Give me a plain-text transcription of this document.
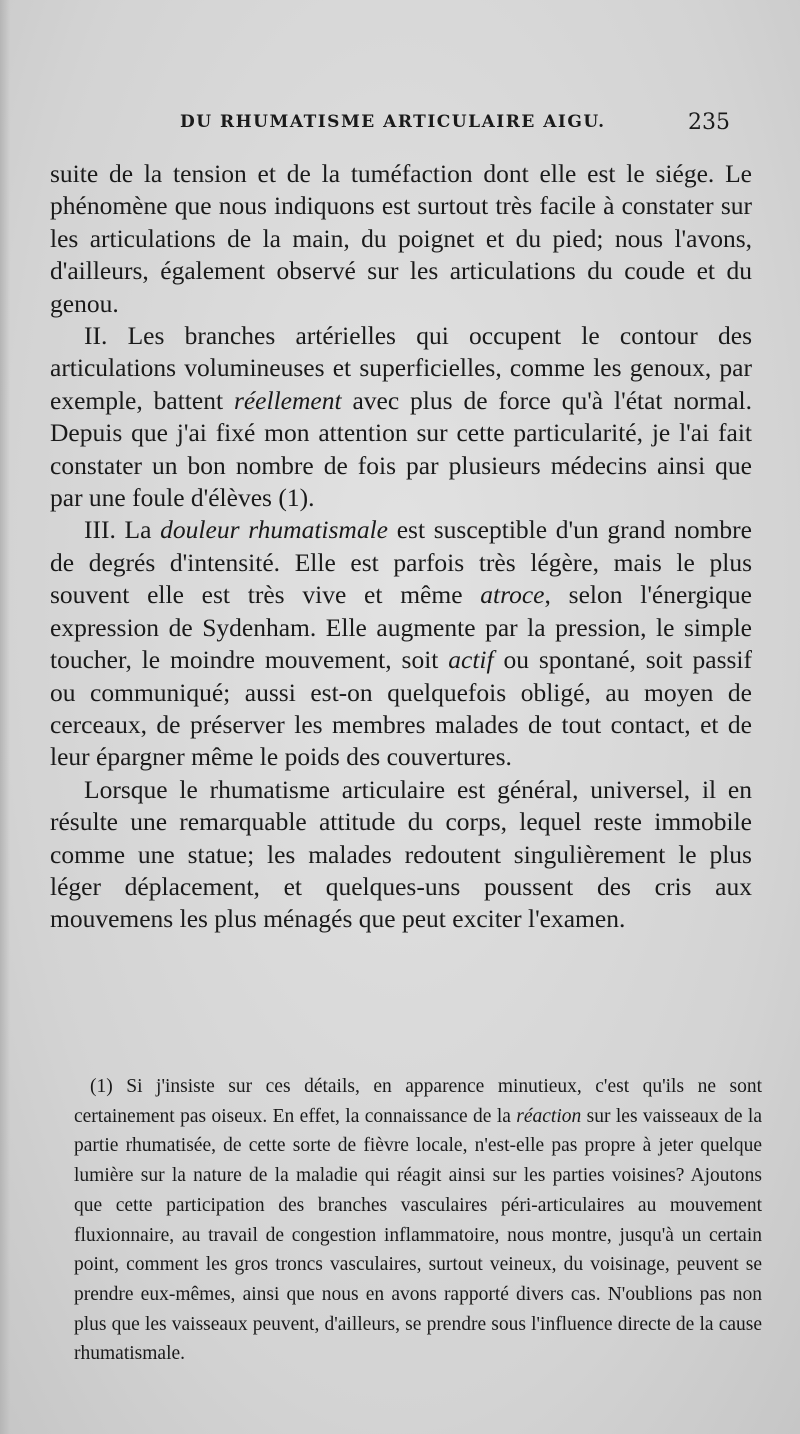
DU RHUMATISME ARTICULAIRE AIGU.	235

suite de la tension et de la tuméfaction dont elle est le siége. Le phénomène que nous indiquons est surtout très facile à constater sur les articulations de la main, du poignet et du pied; nous l'avons, d'ailleurs, également observé sur les articulations du coude et du genou.

II. Les branches artérielles qui occupent le contour des articulations volumineuses et superficielles, comme les genoux, par exemple, battent réellement avec plus de force qu'à l'état normal. Depuis que j'ai fixé mon attention sur cette particularité, je l'ai fait constater un bon nombre de fois par plusieurs médecins ainsi que par une foule d'élèves (1).

III. La douleur rhumatismale est susceptible d'un grand nombre de degrés d'intensité. Elle est parfois très légère, mais le plus souvent elle est très vive et même atroce, selon l'énergique expression de Sydenham. Elle augmente par la pression, le simple toucher, le moindre mouvement, soit actif ou spontané, soit passif ou communiqué; aussi est-on quelquefois obligé, au moyen de cerceaux, de préserver les membres malades de tout contact, et de leur épargner même le poids des couvertures.

Lorsque le rhumatisme articulaire est général, universel, il en résulte une remarquable attitude du corps, lequel reste immobile comme une statue; les malades redoutent singulièrement le plus léger déplacement, et quelques-uns poussent des cris aux mouvemens les plus ménagés que peut exciter l'examen.

(1) Si j'insiste sur ces détails, en apparence minutieux, c'est qu'ils ne sont certainement pas oiseux. En effet, la connaissance de la réaction sur les vaisseaux de la partie rhumatisée, de cette sorte de fièvre locale, n'est-elle pas propre à jeter quelque lumière sur la nature de la maladie qui réagit ainsi sur les parties voisines? Ajoutons que cette participation des branches vasculaires péri-articulaires au mouvement fluxionnaire, au travail de congestion inflammatoire, nous montre, jusqu'à un certain point, comment les gros troncs vasculaires, surtout veineux, du voisinage, peuvent se prendre eux-mêmes, ainsi que nous en avons rapporté divers cas. N'oublions pas non plus que les vaisseaux peuvent, d'ailleurs, se prendre sous l'influence directe de la cause rhumatismale.
